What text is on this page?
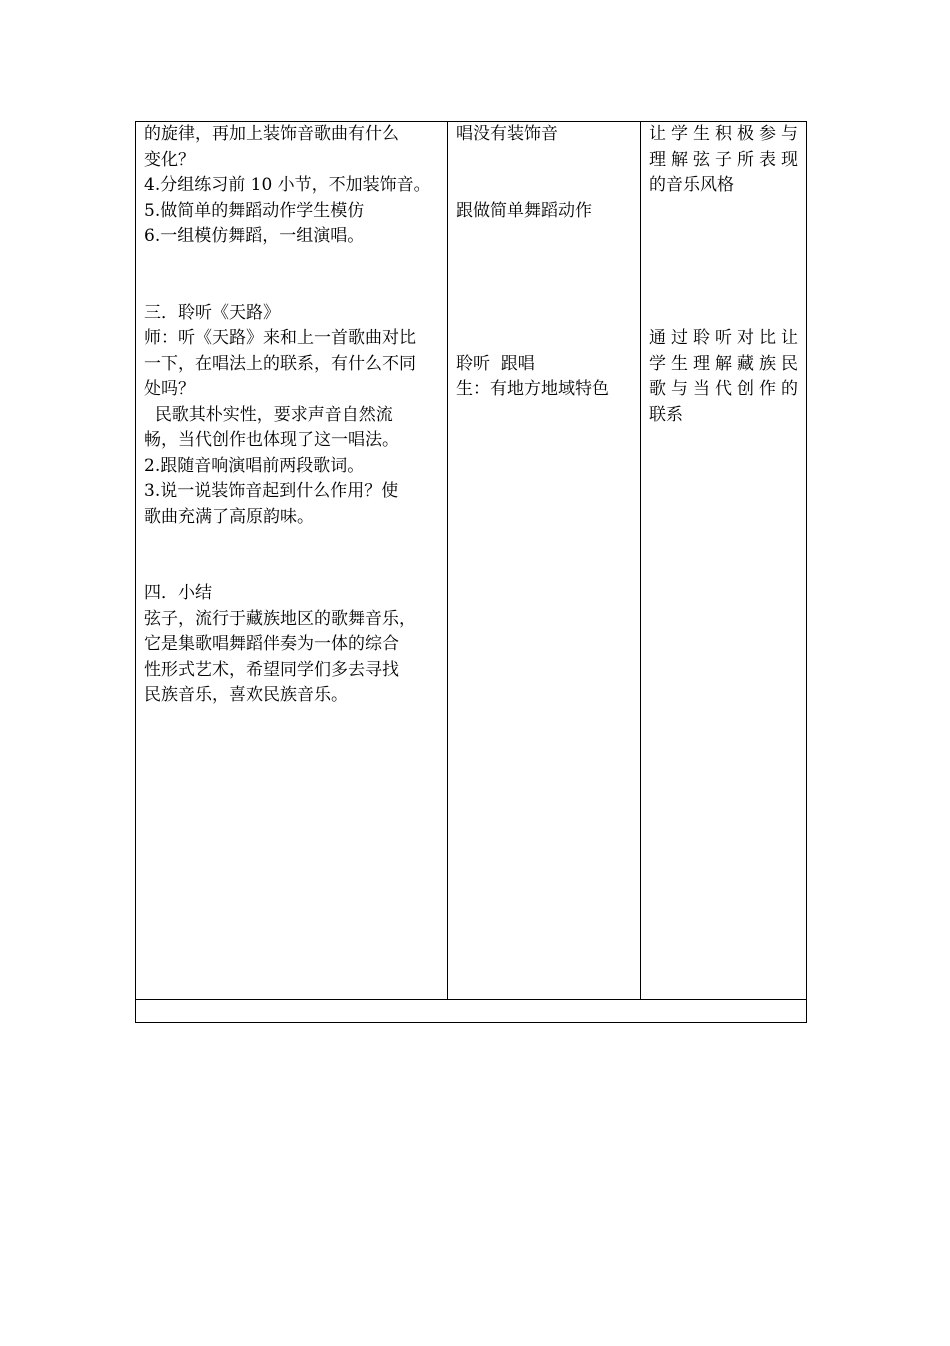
的旋律，再加上装饰音歌曲有什么
变化？
4.分组练习前 10 小节，不加装饰音。
5.做简单的舞蹈动作学生模仿
6.一组模仿舞蹈，一组演唱。
三．聆听《天路》
师：听《天路》来和上一首歌曲对比
一下，在唱法上的联系，有什么不同
处吗？
民歌其朴实性，要求声音自然流
畅，当代创作也体现了这一唱法。
2.跟随音响演唱前两段歌词。
3.说一说装饰音起到什么作用？使
歌曲充满了高原韵味。
四．小结
弦子，流行于藏族地区的歌舞音乐，
它是集歌唱舞蹈伴奏为一体的综合
性形式艺术，希望同学们多去寻找
民族音乐，喜欢民族音乐。

唱没有装饰音
跟做简单舞蹈动作
聆听  跟唱
生：有地方地域特色

让学生积极参与
理解弦子所表现
的音乐风格
通过聆听对比让
学生理解藏族民
歌与当代创作的
联系
